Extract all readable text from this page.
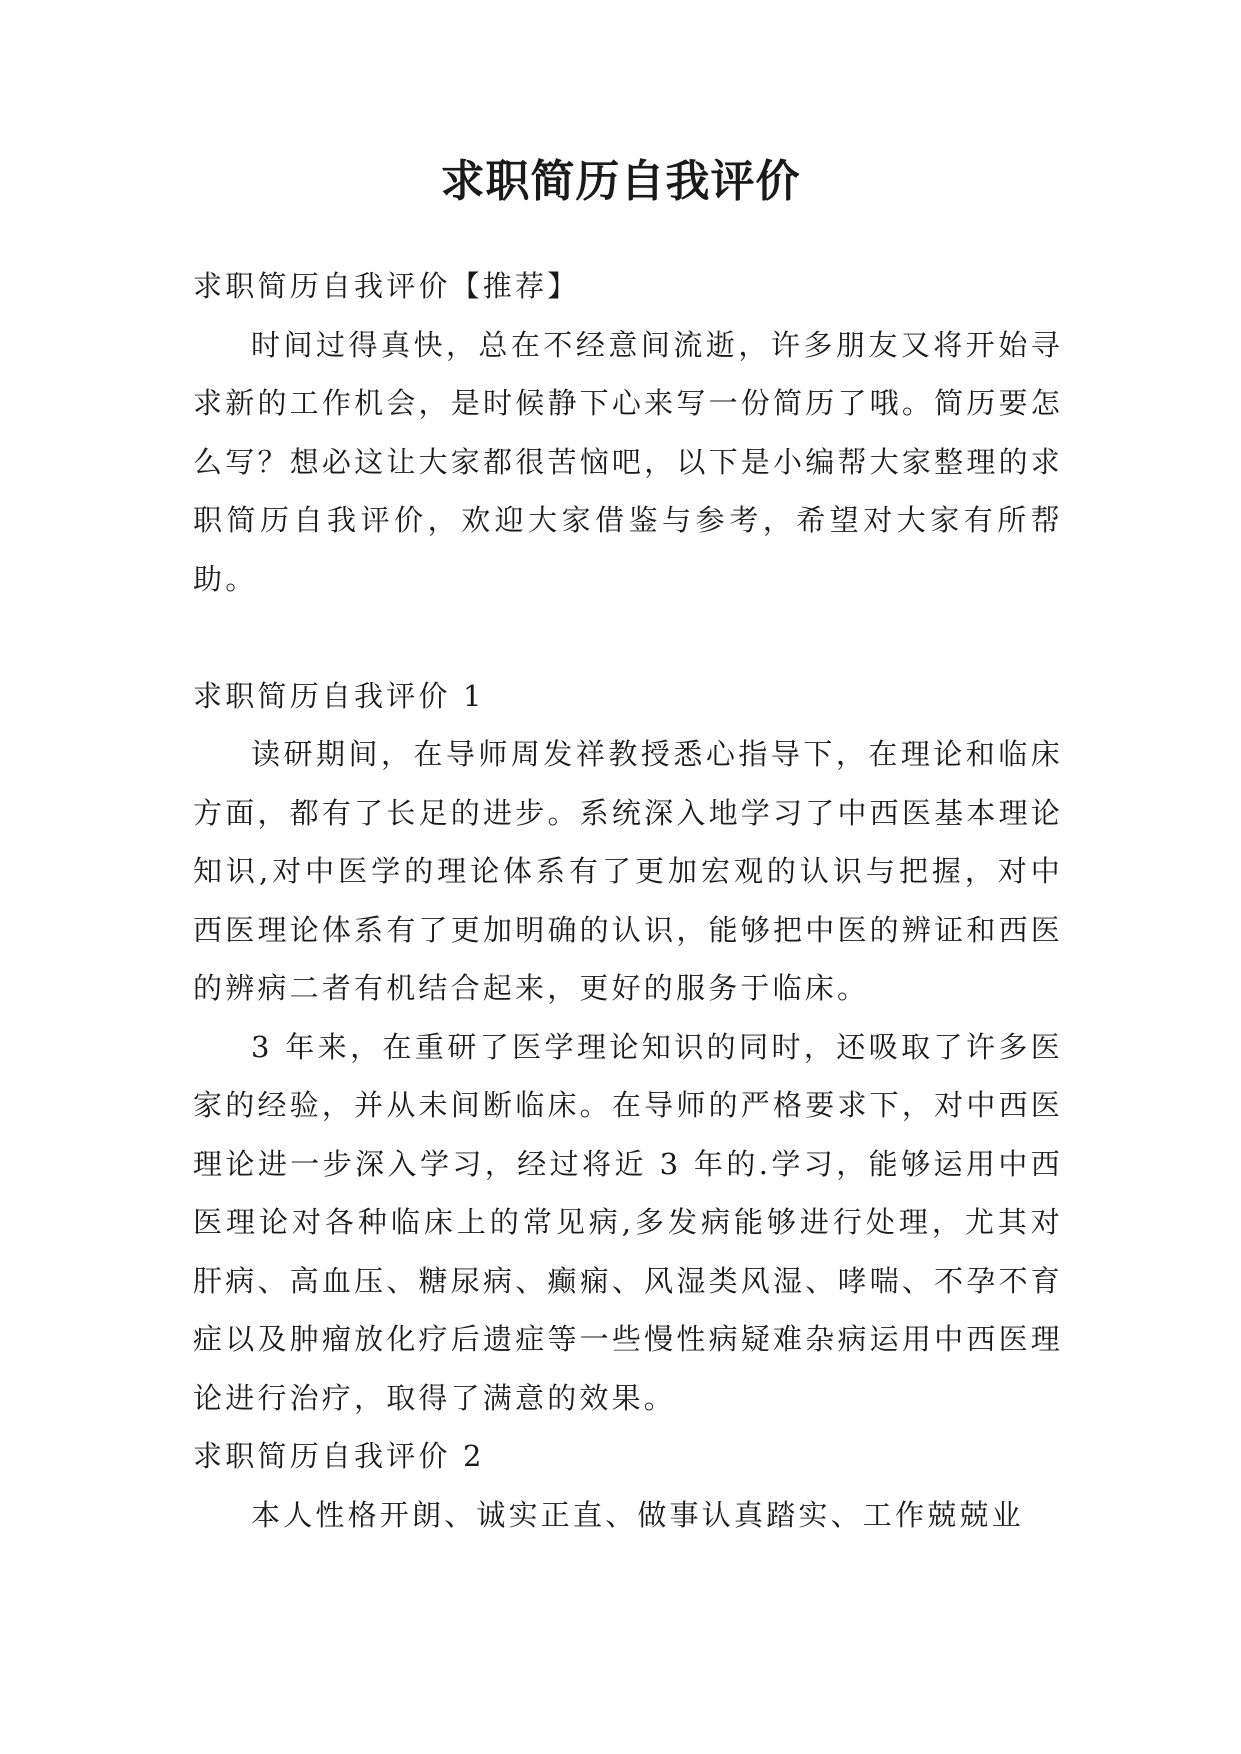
求职简历自我评价
求职简历自我评价【推荐】

时间过得真快，总在不经意间流逝，许多朋友又将开始寻求新的工作机会，是时候静下心来写一份简历了哦。简历要怎么写？想必这让大家都很苦恼吧，以下是小编帮大家整理的求职简历自我评价，欢迎大家借鉴与参考，希望对大家有所帮助。

求职简历自我评价 1

读研期间，在导师周发祥教授悉心指导下，在理论和临床方面，都有了长足的进步。系统深入地学习了中西医基本理论知识,对中医学的理论体系有了更加宏观的认识与把握，对中西医理论体系有了更加明确的认识，能够把中医的辨证和西医的辨病二者有机结合起来，更好的服务于临床。

3 年来，在重研了医学理论知识的同时，还吸取了许多医家的经验，并从未间断临床。在导师的严格要求下，对中西医理论进一步深入学习，经过将近 3 年的.学习，能够运用中西医理论对各种临床上的常见病,多发病能够进行处理，尤其对肝病、高血压、糖尿病、癫痫、风湿类风湿、哮喘、不孕不育症以及肿瘤放化疗后遗症等一些慢性病疑难杂病运用中西医理论进行治疗，取得了满意的效果。

求职简历自我评价 2

本人性格开朗、诚实正直、做事认真踏实、工作兢兢业
